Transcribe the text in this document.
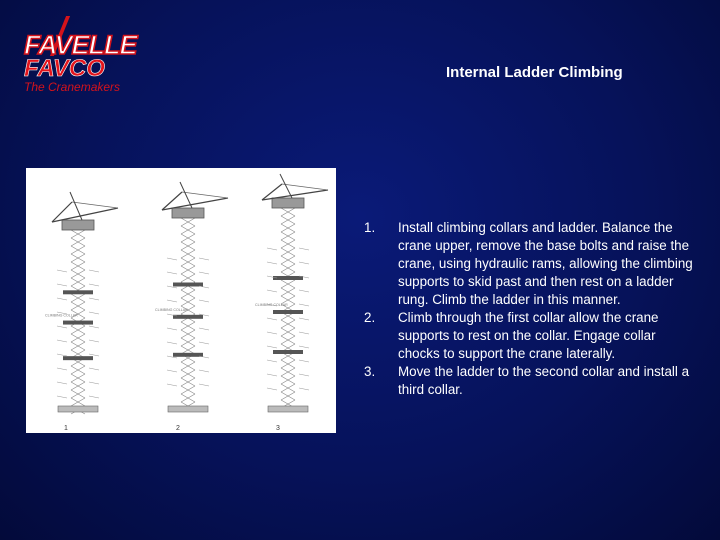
FAVELLE
FAVCO
The Cranemakers
Internal Ladder Climbing
1
CLIMBING COLLAR
2
CLIMBING COLLAR
3
CLIMBING COLLAR
1. Install climbing collars and ladder. Balance the crane upper, remove the base bolts and raise the crane, using hydraulic rams, allowing the climbing supports to skid past and then rest on a ladder rung. Climb the ladder in this manner.
2. Climb through the first collar allow the crane supports to rest on the collar. Engage collar chocks to support the crane laterally.
3. Move the ladder to the second collar and install a third collar.
